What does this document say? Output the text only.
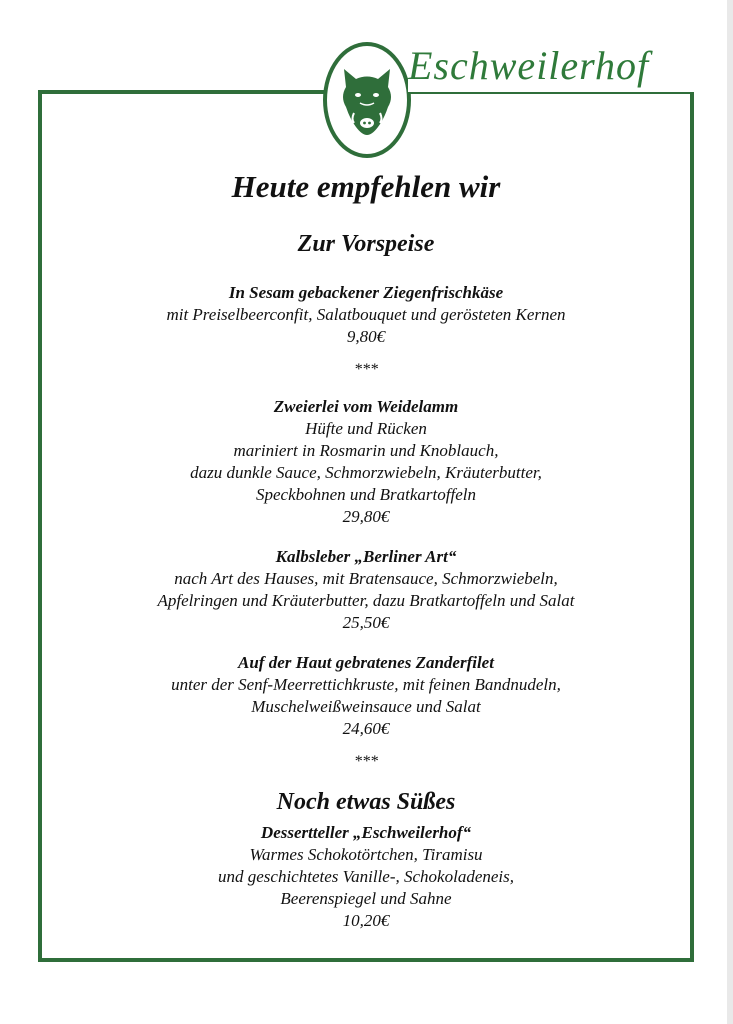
Eschweilerhof
Heute empfehlen wir
Zur Vorspeise
In Sesam gebackener Ziegenfrischkäse
mit Preiselbeerconfit, Salatbouquet und gerösteten Kernen
9,80€
***
Zweierlei vom Weidelamm
Hüfte und Rücken
mariniert in Rosmarin und Knoblauch,
dazu dunkle Sauce, Schmorzwiebeln, Kräuterbutter,
Speckbohnen und Bratkartoffeln
29,80€
Kalbsleber „Berliner Art“
nach Art des Hauses, mit Bratensauce, Schmorzwiebeln,
Apfelringen und Kräuterbutter, dazu Bratkartoffeln und Salat
25,50€
Auf der Haut gebratenes Zanderfilet
unter der Senf-Meerrettichkruste, mit feinen Bandnudeln,
Muschelweißweinsauce und Salat
24,60€
***
Noch etwas Süßes
Dessertteller „Eschweilerhof“
Warmes Schokotörtchen, Tiramisu
und geschichtetes Vanille-, Schokoladeneis,
Beerenspiegel und Sahne
10,20€
